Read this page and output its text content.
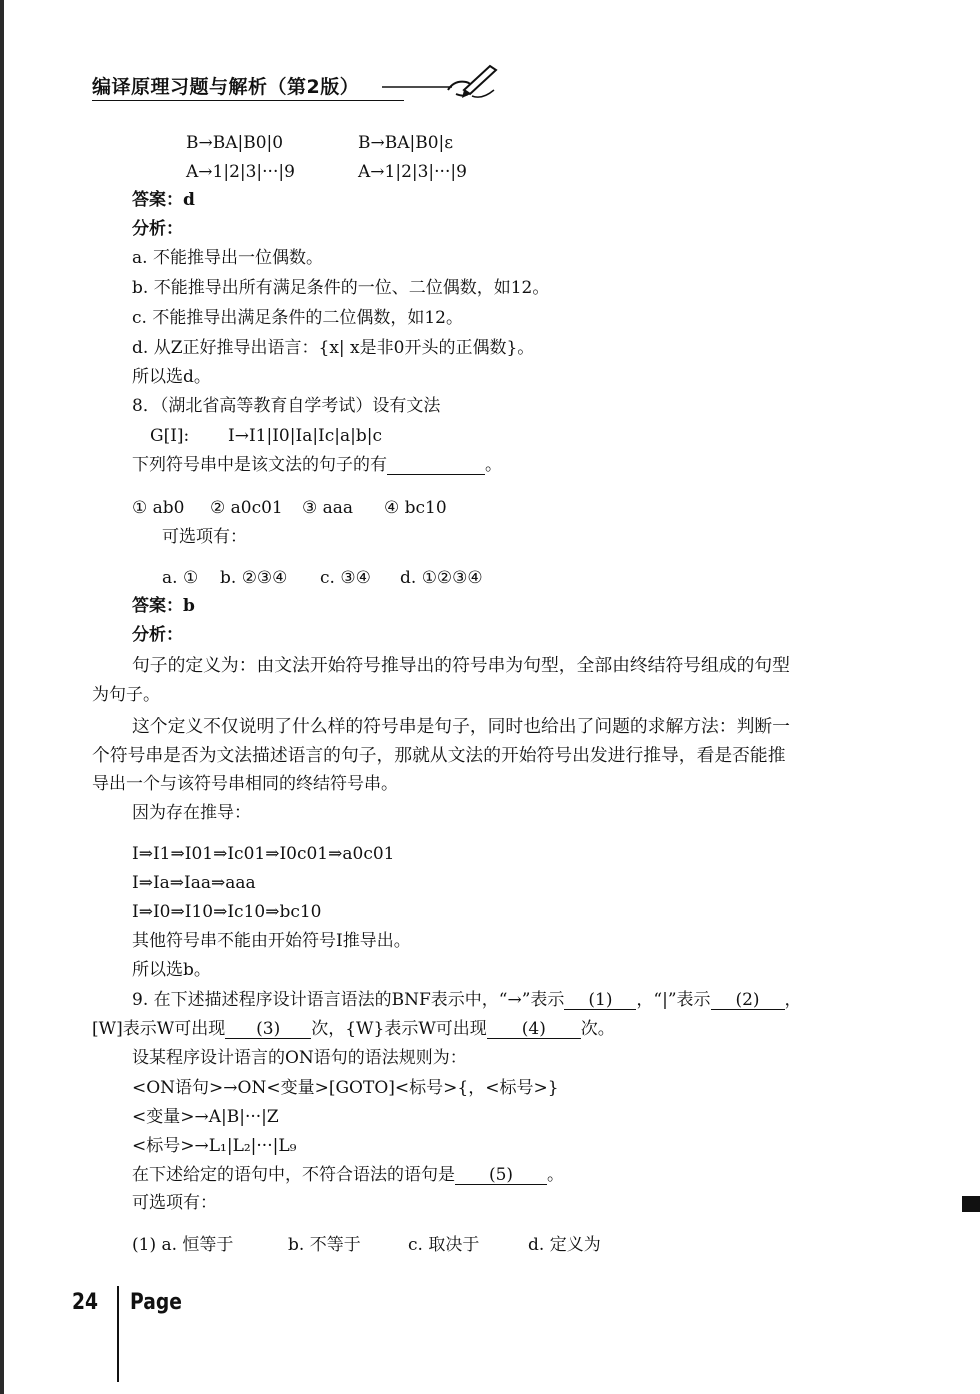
编译原理习题与解析（第2版）
B→BA|B0|0	B→BA|B0|ε
A→1|2|3|···|9	A→1|2|3|···|9
答案：d
分析：
a. 不能推导出一位偶数。
b. 不能推导出所有满足条件的一位、二位偶数，如12。
c. 不能推导出满足条件的二位偶数，如12。
d. 从Z正好推导出语言：{x| x是非0开头的正偶数}。
所以选d。
8．（湖北省高等教育自学考试）设有文法
G[I]: I→I1|I0|Ia|Ic|a|b|c
下列符号串中是该文法的句子的有	。
① ab0 ② a0c01 ③ aaa ④ bc10
可选项有：
a. ① b. ②③④ c. ③④ d. ①②③④
答案：b
分析：
句子的定义为：由文法开始符号推导出的符号串为句型，全部由终结符号组成的句型
为句子。
这个定义不仅说明了什么样的符号串是句子，同时也给出了问题的求解方法：判断一
个符号串是否为文法描述语言的句子，那就从文法的开始符号出发进行推导，看是否能推
导出一个与该符号串相同的终结符号串。
因为存在推导：
I⇒I1⇒I01⇒Ic01⇒I0c01⇒a0c01
I⇒Ia⇒Iaa⇒aaa
I⇒I0⇒I10⇒Ic10⇒bc10
其他符号串不能由开始符号I推导出。
所以选b。
9. 在下述描述程序设计语言语法的BNF表示中，“→”表示 (1) ，“|”表示 (2) ，
[W]表示W可出现 (3) 次，{W}表示W可出现 (4) 次。
设某程序设计语言的ON语句的语法规则为：
<ON语句>→ON<变量>[GOTO]<标号>{，<标号>}
<变量>→A|B|···|Z
<标号>→L₁|L₂|···|L₉
在下述给定的语句中，不符合语法的语句是 (5) 。
可选项有：
(1) a. 恒等于	b. 不等于	c. 取决于	d. 定义为
24 Page
